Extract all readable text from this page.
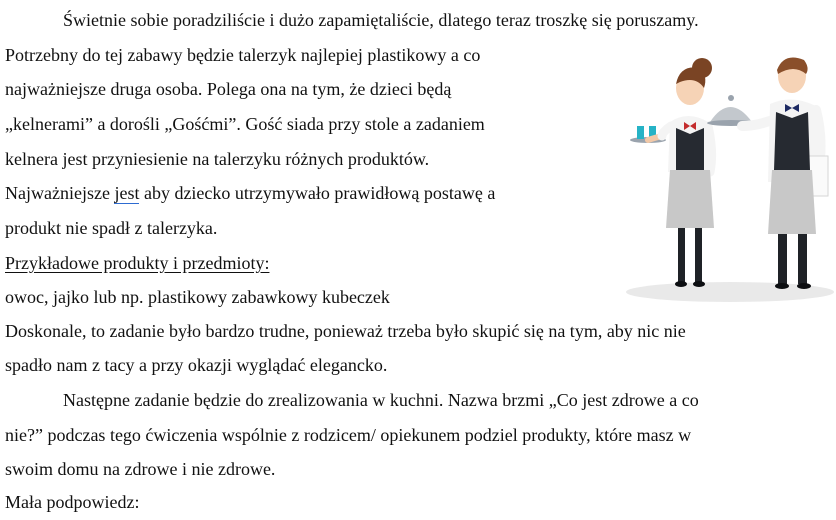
Świetnie sobie poradziliście i dużo zapamiętaliście, dlatego teraz troszkę się poruszamy.
Potrzebny do tej zabawy będzie talerzyk najlepiej plastikowy a co
najważniejsze druga osoba. Polega ona na tym, że dzieci będą
„kelnerami” a dorośli „Gośćmi”. Gość siada przy stole a zadaniem
kelnera jest przyniesienie na talerzyku różnych produktów.
Najważniejsze jest aby dziecko utrzymywało prawidłową postawę a
produkt nie spadł z talerzyka.
Przykładowe produkty i przedmioty:
owoc, jajko lub np. plastikowy zabawkowy kubeczek
Doskonale, to zadanie było bardzo trudne, ponieważ trzeba było skupić się na tym, aby nic nie
spadło nam z tacy a przy okazji wyglądać elegancko.
Następne zadanie będzie do zrealizowania w kuchni. Nazwa brzmi „Co jest zdrowe a co
nie?” podczas tego ćwiczenia wspólnie z rodzicem/ opiekunem podziel produkty, które masz w
swoim domu na zdrowe i nie zdrowe.
Mała podpowiedz:
